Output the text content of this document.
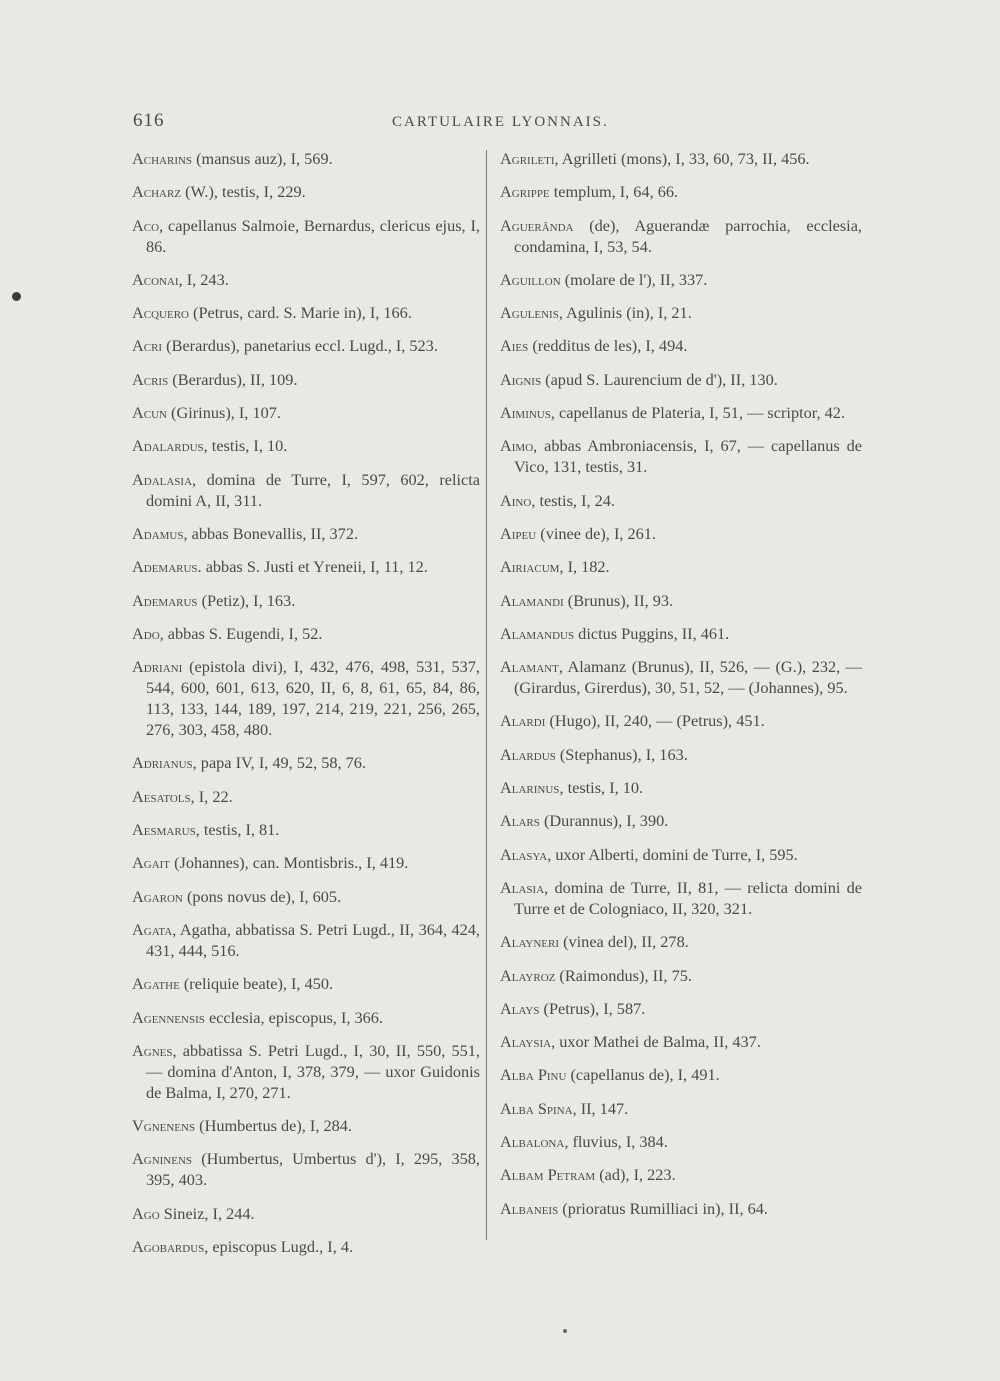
616	CARTULAIRE LYONNAIS.

Acharins (mansus auz), I, 569.

Acharz (W.), testis, I, 229.

Aco, capellanus Salmoie, Bernardus, clericus ejus, I, 86.

Aconai, I, 243.

Acquero (Petrus, card. S. Marie in), I, 166.

Acri (Berardus), panetarius eccl. Lugd., I, 523.

Acris (Berardus), II, 109.

Acun (Girinus), I, 107.

Adalardus, testis, I, 10.

Adalasia, domina de Turre, I, 597, 602, relicta domini A, II, 311.

Adamus, abbas Bonevallis, II, 372.

Ademarus. abbas S. Justi et Yreneii, I, 11, 12.

Ademarus (Petiz), I, 163.

Ado, abbas S. Eugendi, I, 52.

Adriani (epistola divi), I, 432, 476, 498, 531, 537, 544, 600, 601, 613, 620, II, 6, 8, 61, 65, 84, 86, 113, 133, 144, 189, 197, 214, 219, 221, 256, 265, 276, 303, 458, 480.

Adrianus, papa IV, I, 49, 52, 58, 76.

Aesatols, I, 22.

Aesmarus, testis, I, 81.

Agait (Johannes), can. Montisbris., I, 419.

Agaron (pons novus de), I, 605.

Agata, Agatha, abbatissa S. Petri Lugd., II, 364, 424, 431, 444, 516.

Agathe (reliquie beate), I, 450.

Agennensis ecclesia, episcopus, I, 366.

Agnes, abbatissa S. Petri Lugd., I, 30, II, 550, 551, — domina d'Anton, I, 378, 379, — uxor Guidonis de Balma, I, 270, 271.

Vgnenens (Humbertus de), I, 284.

Agninens (Humbertus, Umbertus d'), I, 295, 358, 395, 403.

Ago Sineiz, I, 244.

Agobardus, episcopus Lugd., I, 4.

Agrileti, Agrilleti (mons), I, 33, 60, 73, II, 456.

Agrippe templum, I, 64, 66.

Aguerânda (de), Aguerandæ parrochia, ecclesia, condamina, I, 53, 54.

Aguillon (molare de l'), II, 337.

Agulenis, Agulinis (in), I, 21.

Aies (redditus de les), I, 494.

Aignis (apud S. Laurencium de d'), II, 130.

Aiminus, capellanus de Plateria, I, 51, — scriptor, 42.

Aimo, abbas Ambroniacensis, I, 67, — capellanus de Vico, 131, testis, 31.

Aino, testis, I, 24.

Aipeu (vinee de), I, 261.

Airiacum, I, 182.

Alamandi (Brunus), II, 93.

Alamandus dictus Puggins, II, 461.

Alamant, Alamanz (Brunus), II, 526, — (G.), 232, — (Girardus, Girerdus), 30, 51, 52, — (Johannes), 95.

Alardi (Hugo), II, 240, — (Petrus), 451.

Alardus (Stephanus), I, 163.

Alarinus, testis, I, 10.

Alars (Durannus), I, 390.

Alasya, uxor Alberti, domini de Turre, I, 595.

Alasia, domina de Turre, II, 81, — relicta domini de Turre et de Cologniaco, II, 320, 321.

Alayneri (vinea del), II, 278.

Alayroz (Raimondus), II, 75.

Alays (Petrus), I, 587.

Alaysia, uxor Mathei de Balma, II, 437.

Alba Pinu (capellanus de), I, 491.

Alba Spina, II, 147.

Albalona, fluvius, I, 384.

Albam Petram (ad), I, 223.

Albaneis (prioratus Rumilliaci in), II, 64.
